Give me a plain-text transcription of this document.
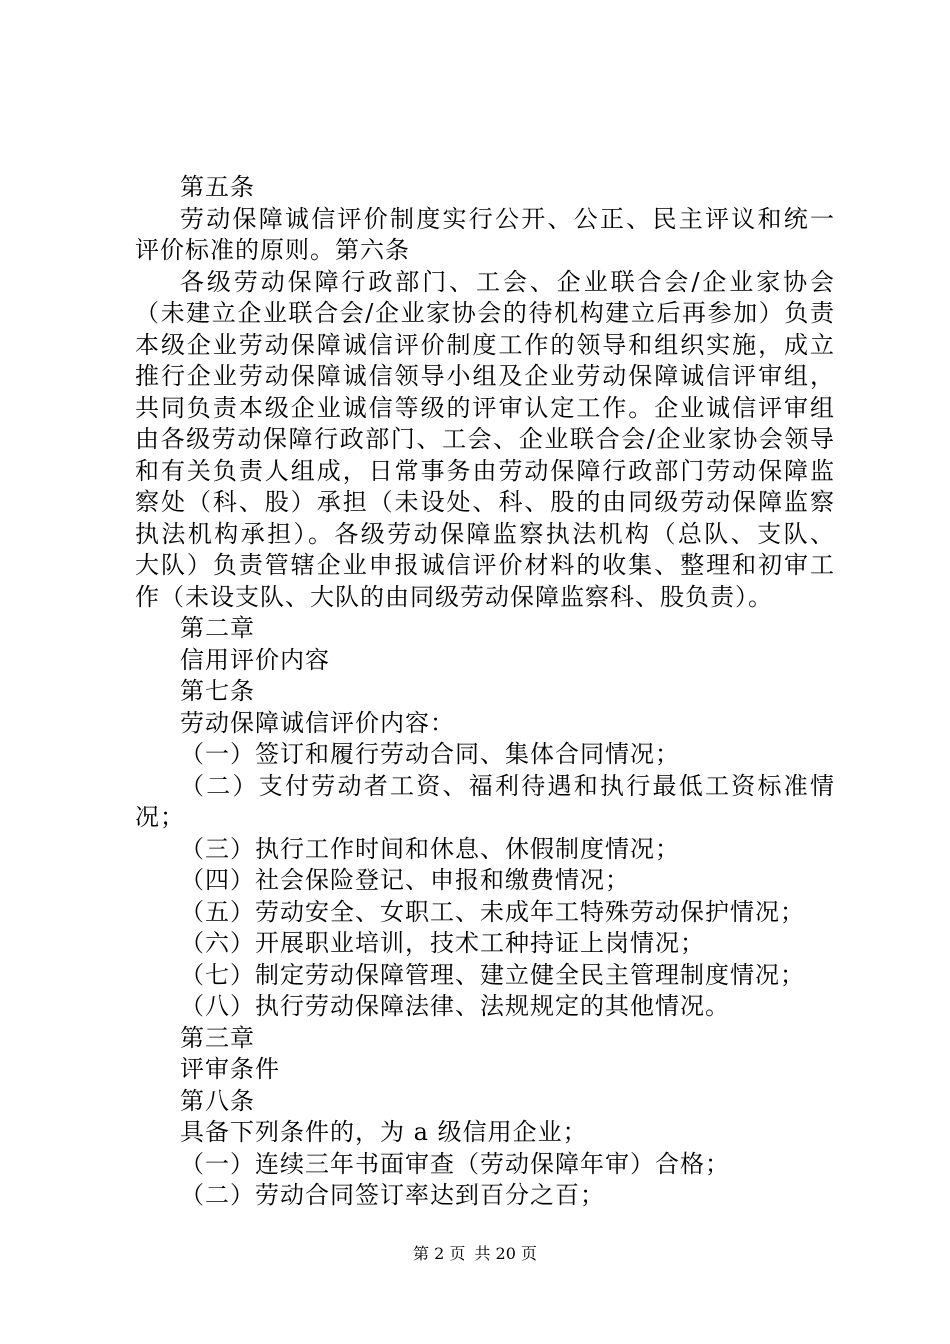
第五条
劳动保障诚信评价制度实行公开、公正、民主评议和统一
评价标准的原则。第六条
各级劳动保障行政部门、工会、企业联合会/企业家协会
（未建立企业联合会/企业家协会的待机构建立后再参加）负责
本级企业劳动保障诚信评价制度工作的领导和组织实施，成立
推行企业劳动保障诚信领导小组及企业劳动保障诚信评审组，
共同负责本级企业诚信等级的评审认定工作。企业诚信评审组
由各级劳动保障行政部门、工会、企业联合会/企业家协会领导
和有关负责人组成，日常事务由劳动保障行政部门劳动保障监
察处（科、股）承担（未设处、科、股的由同级劳动保障监察
执法机构承担）。各级劳动保障监察执法机构（总队、支队、
大队）负责管辖企业申报诚信评价材料的收集、整理和初审工
作（未设支队、大队的由同级劳动保障监察科、股负责）。
第二章
信用评价内容
第七条
劳动保障诚信评价内容：
（一）签订和履行劳动合同、集体合同情况；
（二）支付劳动者工资、福利待遇和执行最低工资标准情
况；
（三）执行工作时间和休息、休假制度情况；
（四）社会保险登记、申报和缴费情况；
（五）劳动安全、女职工、未成年工特殊劳动保护情况；
（六）开展职业培训，技术工种持证上岗情况；
（七）制定劳动保障管理、建立健全民主管理制度情况；
（八）执行劳动保障法律、法规规定的其他情况。
第三章
评审条件
第八条
具备下列条件的，为 a 级信用企业；
（一）连续三年书面审查（劳动保障年审）合格；
（二）劳动合同签订率达到百分之百；
第 2 页 共 20 页
